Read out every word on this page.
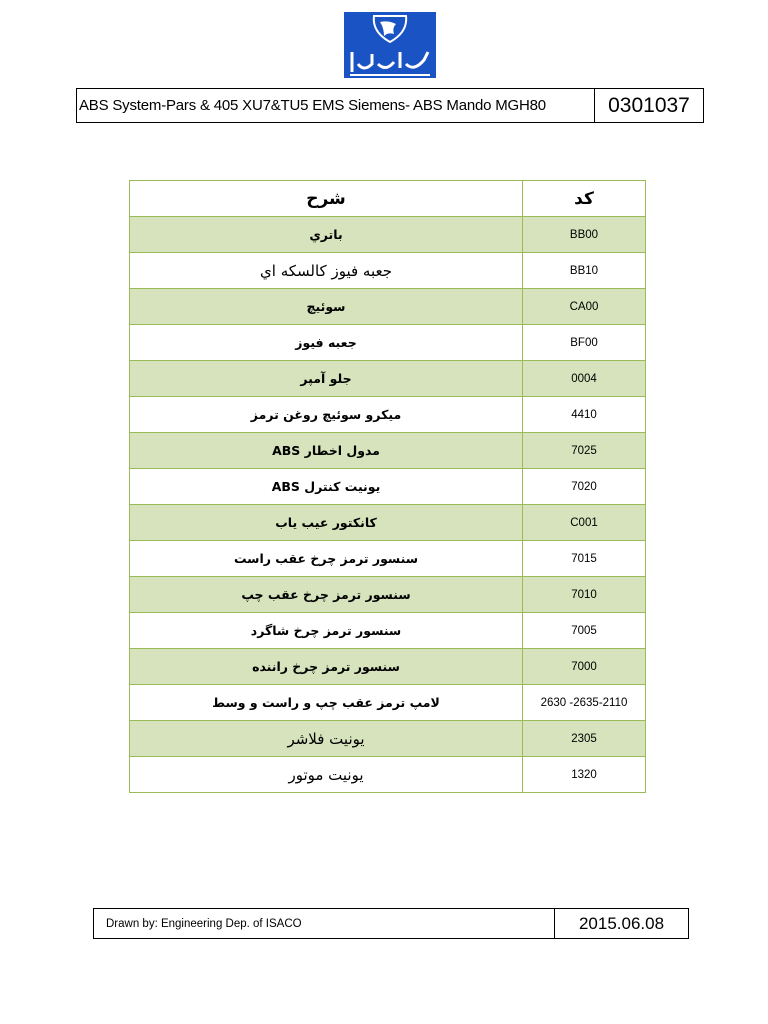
ABS System-Pars & 405 XU7&TU5 EMS Siemens- ABS Mando MGH80	0301037
شرح	کد
باتري	BB00
جعبه فيوز كالسكه اي	BB10
سوئيچ	CA00
جعبه فيوز	BF00
جلو آمپر	0004
ميكرو سوئيچ روغن ترمز	4410
مدول اخطار ABS	7025
يونيت كنترل ABS	7020
كانكتور عيب ياب	C001
سنسور ترمز چرخ عقب راست	7015
سنسور ترمز چرخ عقب چپ	7010
سنسور ترمز چرخ شاگرد	7005
سنسور ترمز چرخ راننده	7000
لامپ ترمز عقب چپ و راست و وسط	2630 -2635-2110
یونیت فلاشر	2305
یونیت موتور	1320
Drawn by: Engineering Dep. of ISACO	2015.06.08
